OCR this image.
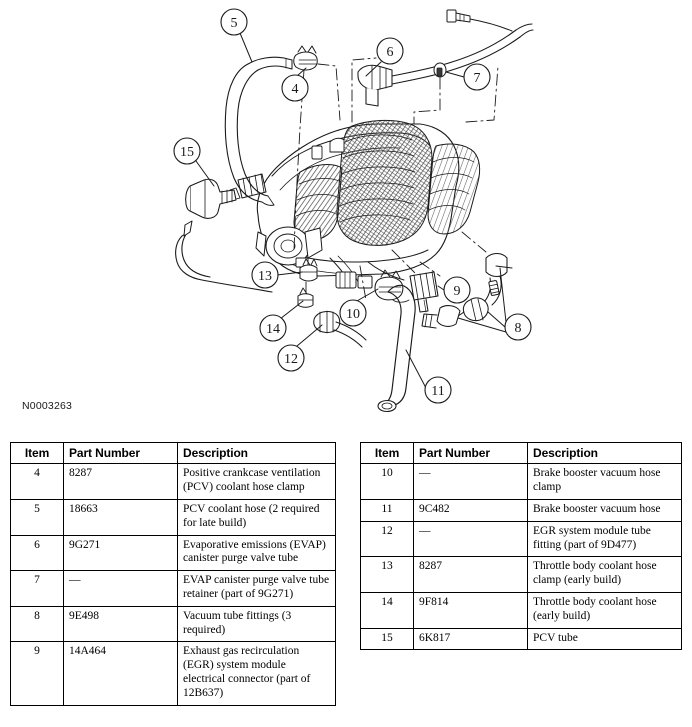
4
5
6
7
8
9
10
11
12
13
14
15
N0003263
Item	Part Number	Description
4	8287	Positive crankcase ventilation (PCV) coolant hose clamp
5	18663	PCV coolant hose (2 required for late build)
6	9G271	Evaporative emissions (EVAP) canister purge valve tube
7	—	EVAP canister purge valve tube retainer (part of 9G271)
8	9E498	Vacuum tube fittings (3 required)
9	14A464	Exhaust gas recirculation (EGR) system module electrical connector (part of 12B637)
Item	Part Number	Description
10	—	Brake booster vacuum hose clamp
11	9C482	Brake booster vacuum hose
12	—	EGR system module tube fitting (part of 9D477)
13	8287	Throttle body coolant hose clamp (early build)
14	9F814	Throttle body coolant hose (early build)
15	6K817	PCV tube
